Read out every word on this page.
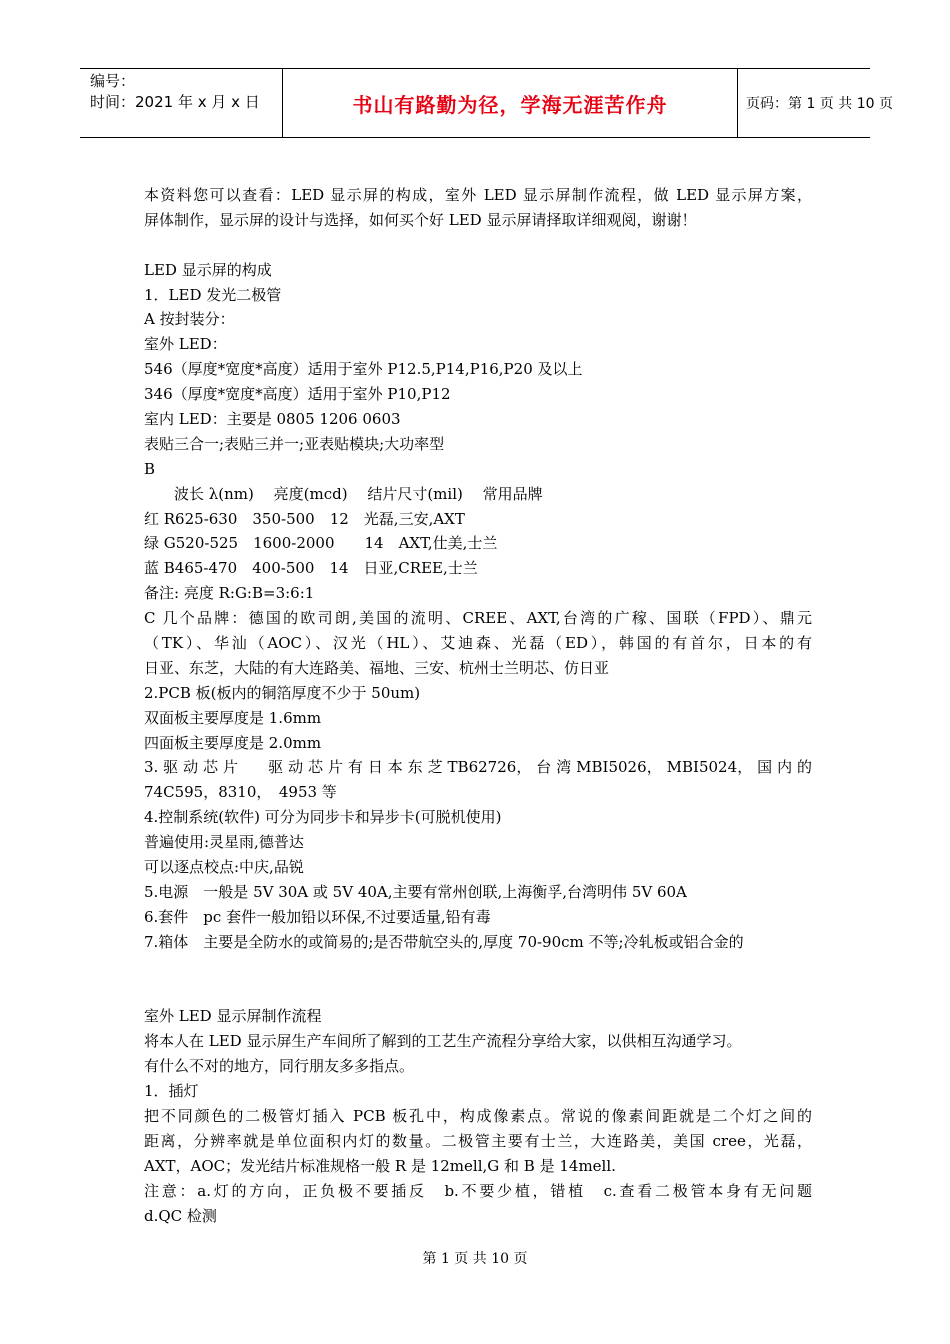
编号：
时间：2021 年 x 月 x 日	书山有路勤为径，学海无涯苦作舟	页码：第 1 页 共 10 页
本资料您可以查看：LED 显示屏的构成，室外 LED 显示屏制作流程，做 LED 显示屏方案，
屏体制作，显示屏的设计与选择，如何买个好 LED 显示屏请择取详细观阅，谢谢！
LED 显示屏的构成
1．LED 发光二极管
A 按封装分：
室外 LED：
546（厚度*宽度*高度）适用于室外 P12.5,P14,P16,P20 及以上
346（厚度*宽度*高度）适用于室外 P10,P12
室内 LED：主要是 0805 1206 0603
表贴三合一;表贴三并一;亚表贴模块;大功率型
B
　　波长 λ(nm)　 亮度(mcd)　 结片尺寸(mil)　 常用品牌
红 R625-630　350-500　12　光磊,三安,AXT
绿 G520-525　1600-2000　　14　AXT,仕美,士兰
蓝 B465-470　400-500　14　日亚,CREE,士兰
备注: 亮度 R:G:B=3:6:1
C 几个品牌：德国的欧司朗,美国的流明、CREE、AXT,台湾的广稼、国联（FPD）、鼎元
（TK）、华汕（AOC）、汉光（HL）、艾迪森、光磊（ED），韩国的有首尔，日本的有
日亚、东芝，大陆的有大连路美、福地、三安、杭州士兰明芯、仿日亚
2.PCB 板(板内的铜箔厚度不少于 50um)
双面板主要厚度是 1.6mm
四面板主要厚度是 2.0mm
3. 驱 动 芯 片　　驱 动 芯 片 有 日 本 东 芝 TB62726， 台 湾 MBI5026， MBI5024， 国 内 的
74C595，8310，　4953 等
4.控制系统(软件) 可分为同步卡和异步卡(可脱机使用)
普遍使用:灵星雨,德普达
可以逐点校点:中庆,品锐
5.电源　一般是 5V 30A 或 5V 40A,主要有常州创联,上海衡孚,台湾明伟 5V 60A
6.套件　pc 套件一般加铅以环保,不过要适量,铅有毒
7.箱体　主要是全防水的或简易的;是否带航空头的,厚度 70-90cm 不等;冷轧板或铝合金的
室外 LED 显示屏制作流程
将本人在 LED 显示屏生产车间所了解到的工艺生产流程分享给大家，以供相互沟通学习。
有什么不对的地方，同行朋友多多指点。
1．插灯
把不同颜色的二极管灯插入 PCB 板孔中，构成像素点。常说的像素间距就是二个灯之间的
距离，分辨率就是单位面积内灯的数量。二极管主要有士兰，大连路美，美国 cree，光磊，
AXT，AOC；发光结片标准规格一般 R 是 12mell,G 和 B 是 14mell.
注意：a.灯的方向，正负极不要插反　b.不要少植，错植　c.查看二极管本身有无问题
d.QC 检测
第 1 页 共 10 页
